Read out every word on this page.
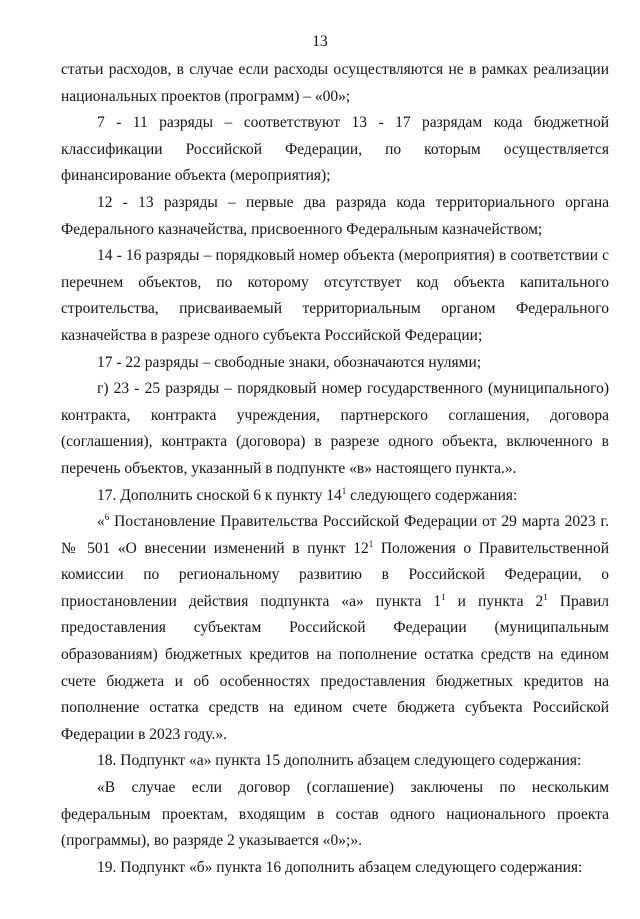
13

статьи расходов, в случае если расходы осуществляются не в рамках реализации национальных проектов (программ) – «00»;

7 - 11 разряды – соответствуют 13 - 17 разрядам кода бюджетной классификации Российской Федерации, по которым осуществляется финансирование объекта (мероприятия);

12 - 13 разряды – первые два разряда кода территориального органа Федерального казначейства, присвоенного Федеральным казначейством;

14 - 16 разряды – порядковый номер объекта (мероприятия) в соответствии с перечнем объектов, по которому отсутствует код объекта капитального строительства, присваиваемый территориальным органом Федерального казначейства в разрезе одного субъекта Российской Федерации;

17 - 22 разряды – свободные знаки, обозначаются нулями;

г) 23 - 25 разряды – порядковый номер государственного (муниципального) контракта, контракта учреждения, партнерского соглашения, договора (соглашения), контракта (договора) в разрезе одного объекта, включенного в перечень объектов, указанный в подпункте «в» настоящего пункта.».

17. Дополнить сноской 6 к пункту $14^1$ следующего содержания:

«$^6$ Постановление Правительства Российской Федерации от 29 марта 2023 г. № 501 «О внесении изменений в пункт $12^1$ Положения о Правительственной комиссии по региональному развитию в Российской Федерации, о приостановлении действия подпункта «а» пункта $1^1$ и пункта $2^1$ Правил предоставления субъектам Российской Федерации (муниципальным образованиям) бюджетных кредитов на пополнение остатка средств на едином счете бюджета и об особенностях предоставления бюджетных кредитов на пополнение остатка средств на едином счете бюджета субъекта Российской Федерации в 2023 году.».

18. Подпункт «а» пункта 15 дополнить абзацем следующего содержания:

«В случае если договор (соглашение) заключены по нескольким федеральным проектам, входящим в состав одного национального проекта (программы), во разряде 2 указывается «0»;».

19. Подпункт «б» пункта 16 дополнить абзацем следующего содержания:
